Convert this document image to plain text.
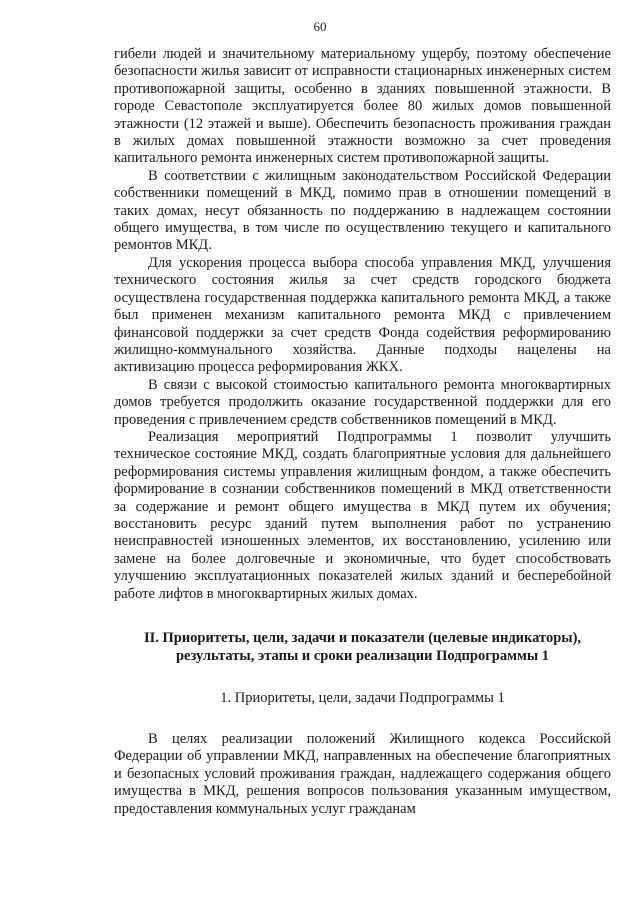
60

гибели людей и значительному материальному ущербу, поэтому обеспечение безопасности жилья зависит от исправности стационарных инженерных систем противопожарной защиты, особенно в зданиях повышенной этажности. В городе Севастополе эксплуатируется более 80 жилых домов повышенной этажности (12 этажей и выше). Обеспечить безопасность проживания граждан в жилых домах повышенной этажности возможно за счет проведения капитального ремонта инженерных систем противопожарной защиты.

В соответствии с жилищным законодательством Российской Федерации собственники помещений в МКД, помимо прав в отношении помещений в таких домах, несут обязанность по поддержанию в надлежащем состоянии общего имущества, в том числе по осуществлению текущего и капитального ремонтов МКД.

Для ускорения процесса выбора способа управления МКД, улучшения технического состояния жилья за счет средств городского бюджета осуществлена государственная поддержка капитального ремонта МКД, а также был применен механизм капитального ремонта МКД с привлечением финансовой поддержки за счет средств Фонда содействия реформированию жилищно-коммунального хозяйства. Данные подходы нацелены на активизацию процесса реформирования ЖКХ.

В связи с высокой стоимостью капитального ремонта многоквартирных домов требуется продолжить оказание государственной поддержки для его проведения с привлечением средств собственников помещений в МКД.

Реализация мероприятий Подпрограммы 1 позволит улучшить техническое состояние МКД, создать благоприятные условия для дальнейшего реформирования системы управления жилищным фондом, а также обеспечить формирование в сознании собственников помещений в МКД ответственности за содержание и ремонт общего имущества в МКД путем их обучения; восстановить ресурс зданий путем выполнения работ по устранению неисправностей изношенных элементов, их восстановлению, усилению или замене на более долговечные и экономичные, что будет способствовать улучшению эксплуатационных показателей жилых зданий и бесперебойной работе лифтов в многоквартирных жилых домах.

II. Приоритеты, цели, задачи и показатели (целевые индикаторы),
результаты, этапы и сроки реализации Подпрограммы 1
1. Приоритеты, цели, задачи Подпрограммы 1

В целях реализации положений Жилищного кодекса Российской Федерации об управлении МКД, направленных на обеспечение благоприятных и безопасных условий проживания граждан, надлежащего содержания общего имущества в МКД, решения вопросов пользования указанным имуществом, предоставления коммунальных услуг гражданам
